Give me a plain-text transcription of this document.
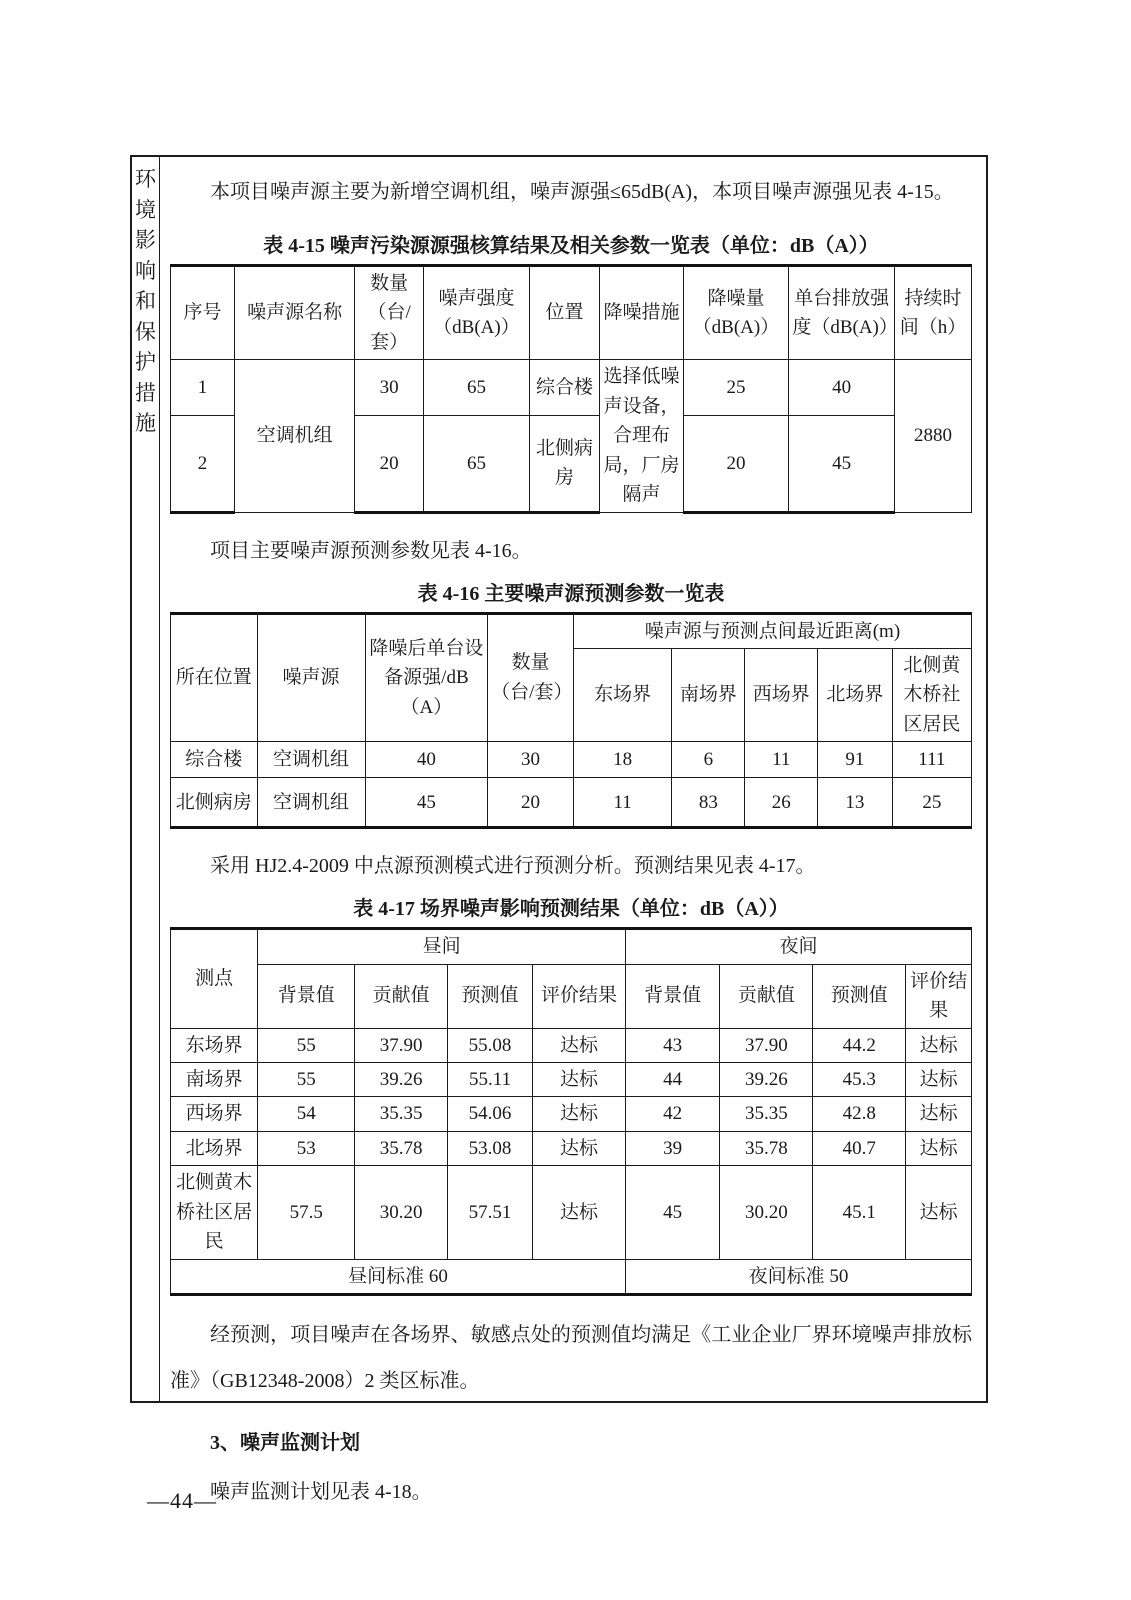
环
境
影
响
和
保
护
措
施

本项目噪声源主要为新增空调机组，噪声源强≤65dB(A)，本项目噪声源强见表 4-15。

表 4-15 噪声污染源源强核算结果及相关参数一览表（单位：dB（A））
序号	噪声源名称	数量（台/套）	噪声强度（dB(A)）	位置	降噪措施	降噪量（dB(A)）	单台排放强度（dB(A)）	持续时间（h）
1	空调机组	30	65	综合楼	选择低噪声设备，合理布局，厂房隔声	25	40	2880
2		20	65	北侧病房		20	45	

项目主要噪声源预测参数见表 4-16。

表 4-16 主要噪声源预测参数一览表
所在位置	噪声源	降噪后单台设备源强/dB（A）	数量（台/套）	噪声源与预测点间最近距离(m)				
				东场界	南场界	西场界	北场界	北侧黄木桥社区居民
综合楼	空调机组	40	30	18	6	11	91	111
北侧病房	空调机组	45	20	11	83	26	13	25

采用 HJ2.4-2009 中点源预测模式进行预测分析。预测结果见表 4-17。

表 4-17 场界噪声影响预测结果（单位：dB（A））
测点	昼间				夜间			
	背景值	贡献值	预测值	评价结果	背景值	贡献值	预测值	评价结果
东场界	55	37.90	55.08	达标	43	37.90	44.2	达标
南场界	55	39.26	55.11	达标	44	39.26	45.3	达标
西场界	54	35.35	54.06	达标	42	35.35	42.8	达标
北场界	53	35.78	53.08	达标	39	35.78	40.7	达标
北侧黄木桥社区居民	57.5	30.20	57.51	达标	45	30.20	45.1	达标
昼间标准 60					夜间标准 50			

经预测，项目噪声在各场界、敏感点处的预测值均满足《工业企业厂界环境噪声排放标准》（GB12348-2008）2 类区标准。

3、噪声监测计划

噪声监测计划见表 4-18。

—44—
